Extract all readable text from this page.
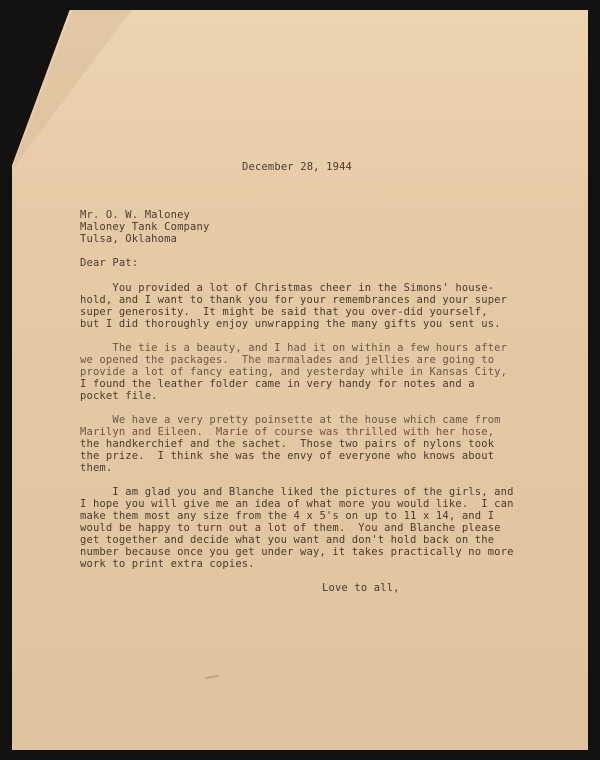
December 28, 1944
Mr. O. W. Maloney
Maloney Tank Company
Tulsa, Oklahoma
Dear Pat:
You provided a lot of Christmas cheer in the Simons' house-
hold, and I want to thank you for your remembrances and your super
super generosity.  It might be said that you over-did yourself,
but I did thoroughly enjoy unwrapping the many gifts you sent us.
The tie is a beauty, and I had it on within a few hours after
we opened the packages.  The marmalades and jellies are going to
provide a lot of fancy eating, and yesterday while in Kansas City,
I found the leather folder came in very handy for notes and a
pocket file.
We have a very pretty poinsette at the house which came from
Marilyn and Eileen.  Marie of course was thrilled with her hose,
the handkerchief and the sachet.  Those two pairs of nylons took
the prize.  I think she was the envy of everyone who knows about
them.
I am glad you and Blanche liked the pictures of the girls, and
I hope you will give me an idea of what more you would like.  I can
make them most any size from the 4 x 5's on up to 11 x 14, and I
would be happy to turn out a lot of them.  You and Blanche please
get together and decide what you want and don't hold back on the
number because once you get under way, it takes practically no more
work to print extra copies.
Love to all,
